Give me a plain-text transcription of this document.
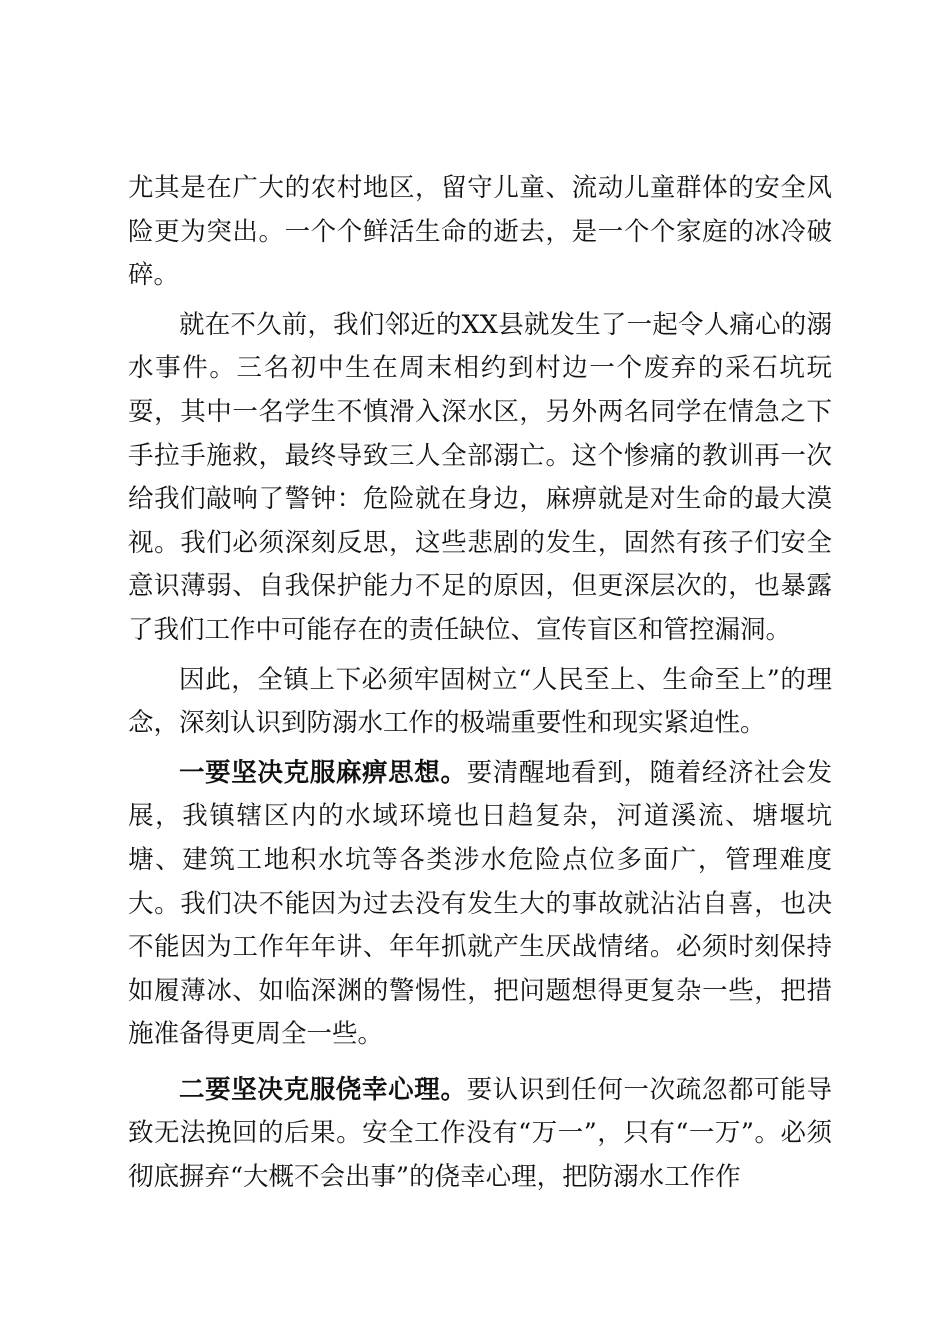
尤其是在广大的农村地区，留守儿童、流动儿童群体的安全风险更为突出。一个个鲜活生命的逝去，是一个个家庭的冰冷破碎。

就在不久前，我们邻近的XX县就发生了一起令人痛心的溺水事件。三名初中生在周末相约到村边一个废弃的采石坑玩耍，其中一名学生不慎滑入深水区，另外两名同学在情急之下手拉手施救，最终导致三人全部溺亡。这个惨痛的教训再一次给我们敲响了警钟：危险就在身边，麻痹就是对生命的最大漠视。我们必须深刻反思，这些悲剧的发生，固然有孩子们安全意识薄弱、自我保护能力不足的原因，但更深层次的，也暴露了我们工作中可能存在的责任缺位、宣传盲区和管控漏洞。

因此，全镇上下必须牢固树立“人民至上、生命至上”的理念，深刻认识到防溺水工作的极端重要性和现实紧迫性。

一要坚决克服麻痹思想。要清醒地看到，随着经济社会发展，我镇辖区内的水域环境也日趋复杂，河道溪流、塘堰坑塘、建筑工地积水坑等各类涉水危险点位多面广，管理难度大。我们决不能因为过去没有发生大的事故就沾沾自喜，也决不能因为工作年年讲、年年抓就产生厌战情绪。必须时刻保持如履薄冰、如临深渊的警惕性，把问题想得更复杂一些，把措施准备得更周全一些。

二要坚决克服侥幸心理。要认识到任何一次疏忽都可能导致无法挽回的后果。安全工作没有“万一”，只有“一万”。必须彻底摒弃“大概不会出事”的侥幸心理，把防溺水工作作
